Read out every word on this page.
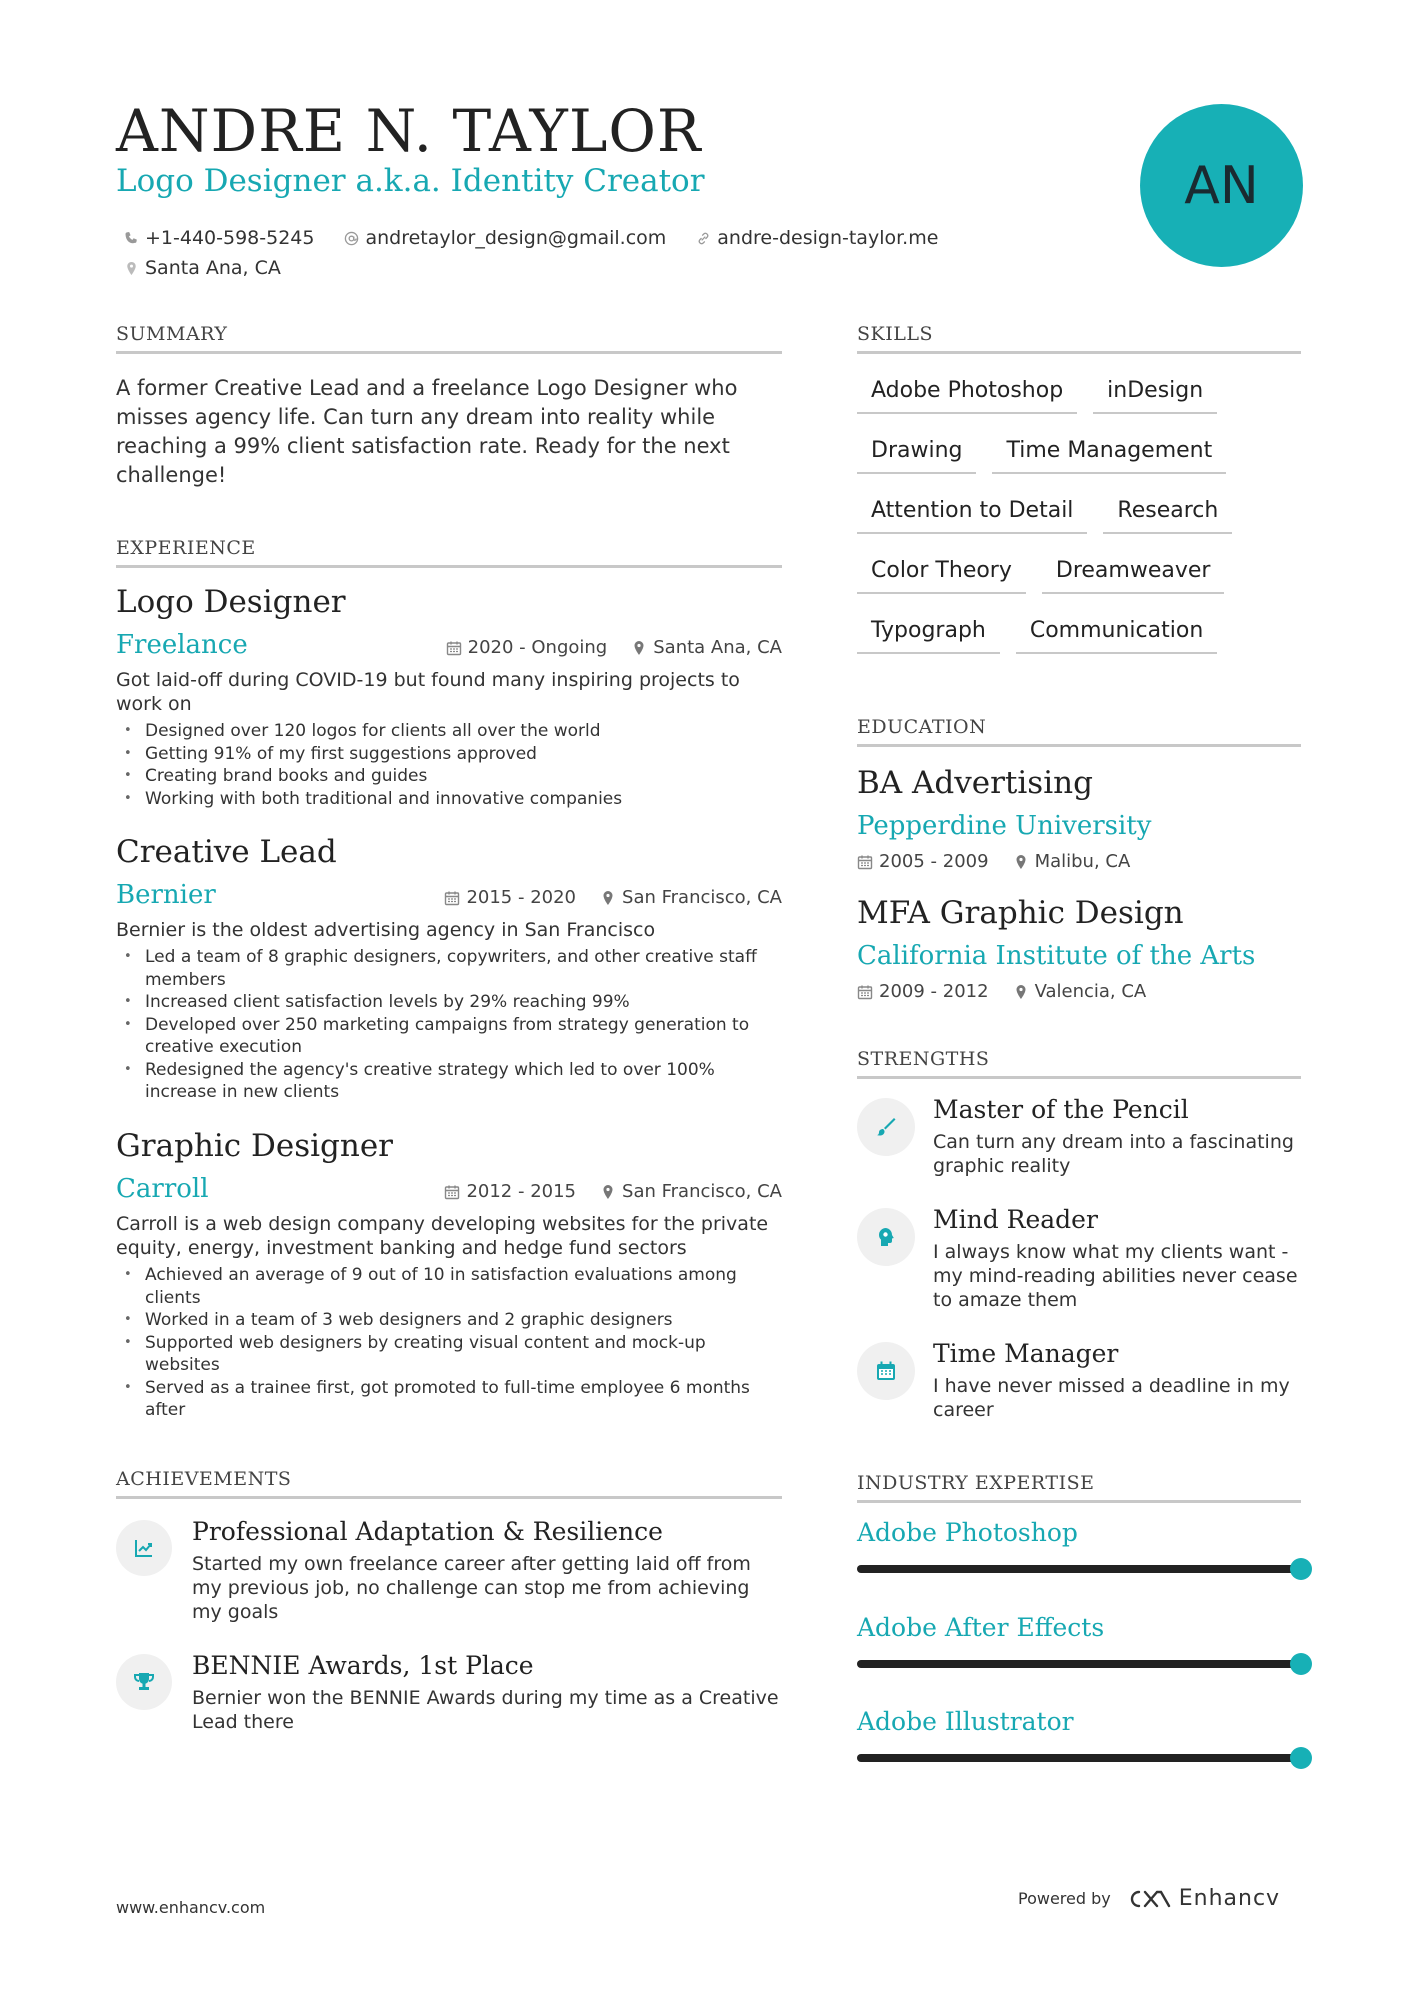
ANDRE N. TAYLOR
Logo Designer a.k.a. Identity Creator
+1-440-598-5245	andretaylor_design@gmail.com	andre-design-taylor.me
Santa Ana, CA
AN
SUMMARY
A former Creative Lead and a freelance Logo Designer who misses agency life. Can turn any dream into reality while reaching a 99% client satisfaction rate. Ready for the next challenge!
EXPERIENCE
Logo Designer
Freelance	2020 - Ongoing	Santa Ana, CA
Got laid-off during COVID-19 but found many inspiring projects to work on
• Designed over 120 logos for clients all over the world
• Getting 91% of my first suggestions approved
• Creating brand books and guides
• Working with both traditional and innovative companies
Creative Lead
Bernier	2015 - 2020	San Francisco, CA
Bernier is the oldest advertising agency in San Francisco
• Led a team of 8 graphic designers, copywriters, and other creative staff members
• Increased client satisfaction levels by 29% reaching 99%
• Developed over 250 marketing campaigns from strategy generation to creative execution
• Redesigned the agency's creative strategy which led to over 100% increase in new clients
Graphic Designer
Carroll	2012 - 2015	San Francisco, CA
Carroll is a web design company developing websites for the private equity, energy, investment banking and hedge fund sectors
• Achieved an average of 9 out of 10 in satisfaction evaluations among clients
• Worked in a team of 3 web designers and 2 graphic designers
• Supported web designers by creating visual content and mock-up websites
• Served as a trainee first, got promoted to full-time employee 6 months after
ACHIEVEMENTS
Professional Adaptation & Resilience
Started my own freelance career after getting laid off from my previous job, no challenge can stop me from achieving my goals
BENNIE Awards, 1st Place
Bernier won the BENNIE Awards during my time as a Creative Lead there
SKILLS
Adobe Photoshop	inDesign
Drawing	Time Management
Attention to Detail	Research
Color Theory	Dreamweaver
Typograph	Communication
EDUCATION
BA Advertising
Pepperdine University
2005 - 2009	Malibu, CA
MFA Graphic Design
California Institute of the Arts
2009 - 2012	Valencia, CA
STRENGTHS
Master of the Pencil
Can turn any dream into a fascinating graphic reality
Mind Reader
I always know what my clients want - my mind-reading abilities never cease to amaze them
Time Manager
I have never missed a deadline in my career
INDUSTRY EXPERTISE
Adobe Photoshop
Adobe After Effects
Adobe Illustrator
www.enhancv.com	Powered by	Enhancv
